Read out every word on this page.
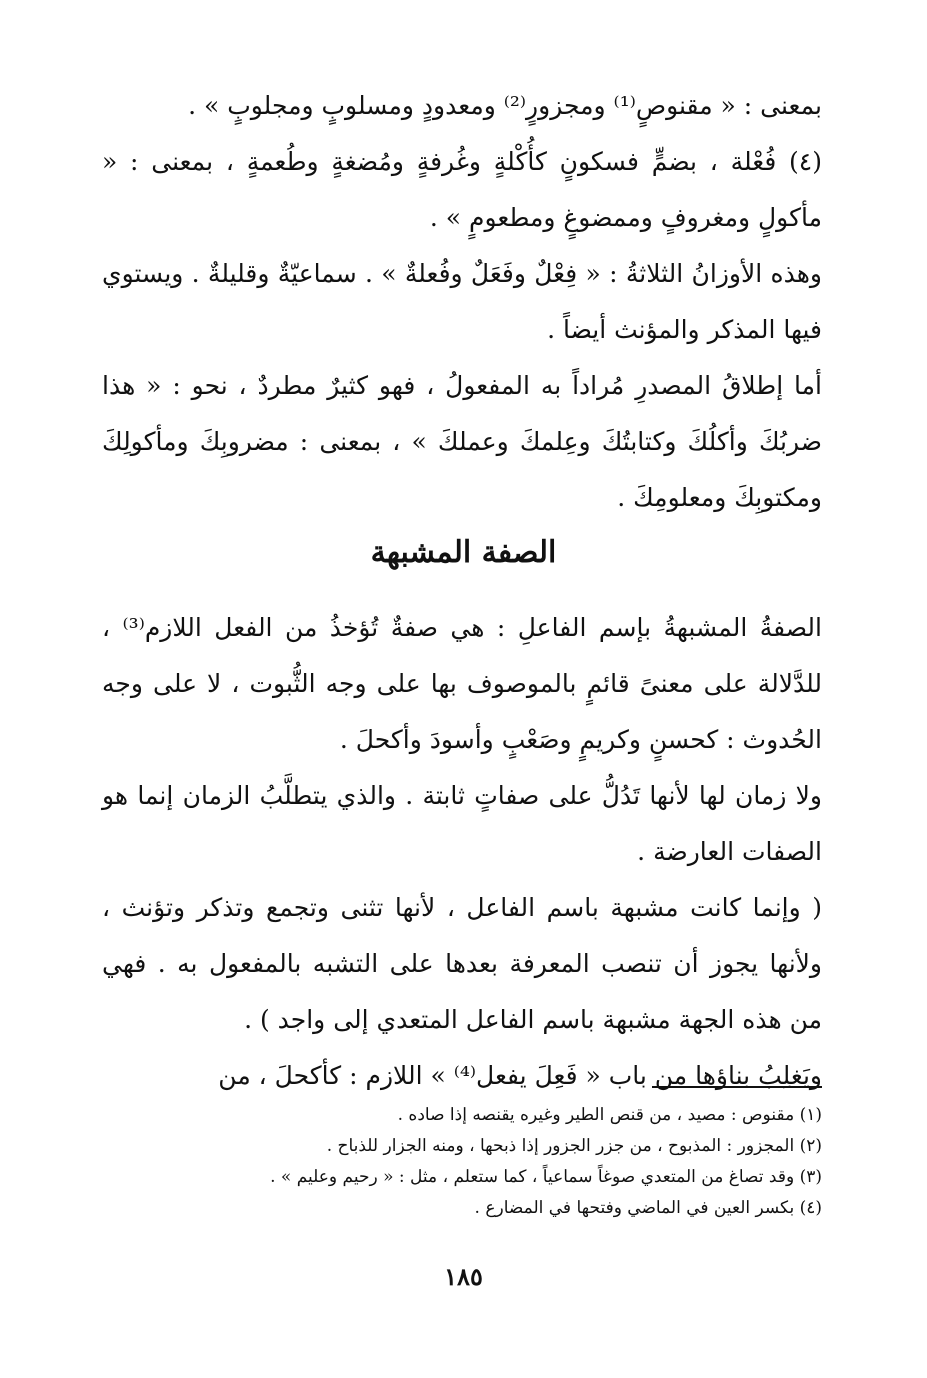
بمعنى : « مقنوصٍ⁽¹⁾ ومجزورٍ⁽²⁾ ومعدودٍ ومسلوبٍ ومجلوبٍ » .

(٤) فُعْلة ، بضمٍّ فسكونٍ كأُكْلةٍ وغُرفةٍ ومُضغةٍ وطُعمةٍ ، بمعنى : « مأكولٍ ومغروفٍ وممضوغٍ ومطعومٍ » .

وهذه الأوزانُ الثلاثةُ : « فِعْلٌ وفَعَلٌ وفُعلةٌ » . سماعيّةٌ وقليلةٌ . ويستوي فيها المذكر والمؤنث أيضاً .

أما إطلاقُ المصدرِ مُراداً به المفعولُ ، فهو كثيرٌ مطردٌ ، نحو : « هذا ضربُكَ وأكلُكَ وكتابتُكَ وعِلمكَ وعملكَ » ، بمعنى : مضروبِكَ ومأكولِكَ ومكتوبِكَ ومعلومِكَ .

الصفة المشبهة

الصفةُ المشبهةُ بإسم الفاعلِ : هي صفةٌ تُؤخذُ من الفعل اللازم⁽³⁾ ، للدَّلالة على معنىً قائمٍ بالموصوف بها على وجه الثُّبوت ، لا على وجه الحُدوث : كحسنٍ وكريمٍ وصَعْبٍ وأسودَ وأكحلَ .

ولا زمان لها لأنها تَدُلُّ على صفاتٍ ثابتة . والذي يتطلَّبُ الزمان إنما هو الصفات العارضة .

( وإنما كانت مشبهة باسم الفاعل ، لأنها تثنى وتجمع وتذكر وتؤنث ، ولأنها يجوز أن تنصب المعرفة بعدها على التشبه بالمفعول به . فهي من هذه الجهة مشبهة باسم الفاعل المتعدي إلى واجد ) .

ويَغلِبُ بناؤها من باب « فَعِلَ يفعل⁽⁴⁾ » اللازم : كأكحلَ ، من

(١) مقنوص : مصيد ، من قنص الطير وغيره يقنصه إذا صاده .

(٢) المجزور : المذبوح ، من جزر الجزور إذا ذبحها ، ومنه الجزار للذباح .

(٣) وقد تصاغ من المتعدي صوغاً سماعياً ، كما ستعلم ، مثل : « رحيم وعليم » .

(٤) بكسر العين في الماضي وفتحها في المضارع .

١٨٥
